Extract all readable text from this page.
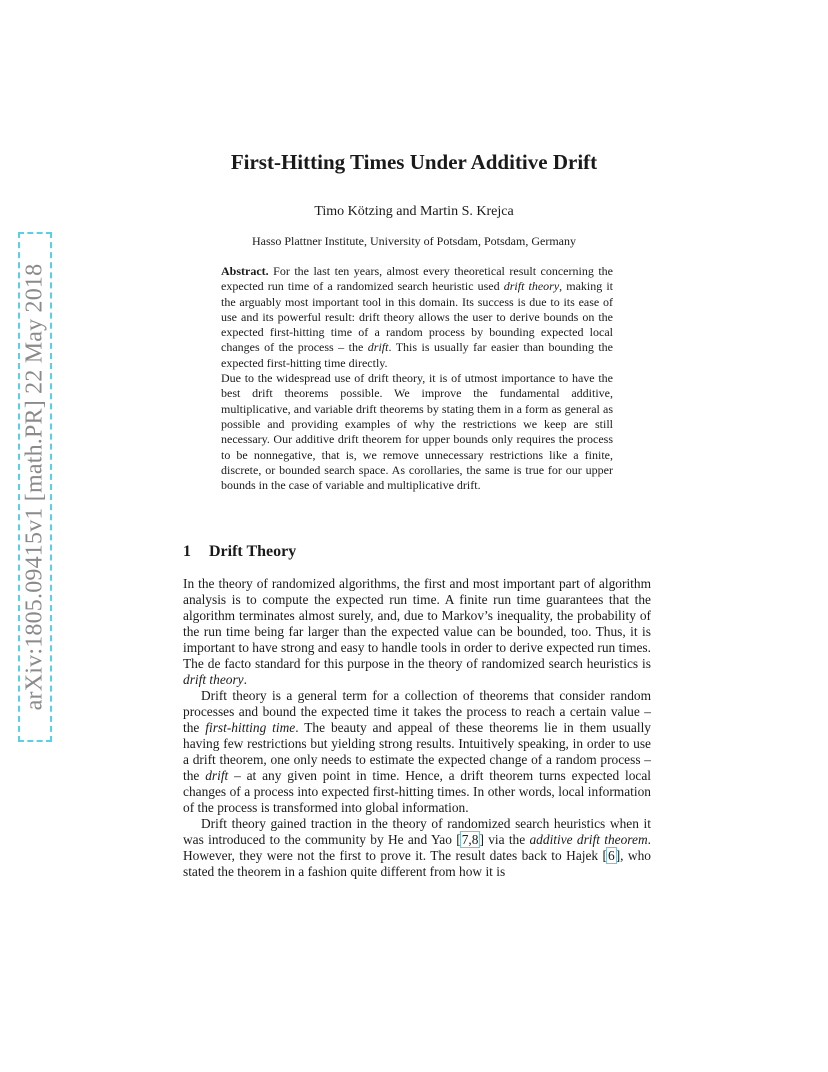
arXiv:1805.09415v1 [math.PR] 22 May 2018
First-Hitting Times Under Additive Drift
Timo Kötzing and Martin S. Krejca
Hasso Plattner Institute, University of Potsdam, Potsdam, Germany

Abstract. For the last ten years, almost every theoretical result concerning the expected run time of a randomized search heuristic used drift theory, making it the arguably most important tool in this domain. Its success is due to its ease of use and its powerful result: drift theory allows the user to derive bounds on the expected first-hitting time of a random process by bounding expected local changes of the process – the drift. This is usually far easier than bounding the expected first-hitting time directly.

Due to the widespread use of drift theory, it is of utmost importance to have the best drift theorems possible. We improve the fundamental additive, multiplicative, and variable drift theorems by stating them in a form as general as possible and providing examples of why the restrictions we keep are still necessary. Our additive drift theorem for upper bounds only requires the process to be nonnegative, that is, we remove unnecessary restrictions like a finite, discrete, or bounded search space. As corollaries, the same is true for our upper bounds in the case of variable and multiplicative drift.

1 Drift Theory

In the theory of randomized algorithms, the first and most important part of algorithm analysis is to compute the expected run time. A finite run time guarantees that the algorithm terminates almost surely, and, due to Markov’s inequality, the probability of the run time being far larger than the expected value can be bounded, too. Thus, it is important to have strong and easy to handle tools in order to derive expected run times. The de facto standard for this purpose in the theory of randomized search heuristics is drift theory.

Drift theory is a general term for a collection of theorems that consider random processes and bound the expected time it takes the process to reach a certain value – the first-hitting time. The beauty and appeal of these theorems lie in them usually having few restrictions but yielding strong results. Intuitively speaking, in order to use a drift theorem, one only needs to estimate the expected change of a random process – the drift – at any given point in time. Hence, a drift theorem turns expected local changes of a process into expected first-hitting times. In other words, local information of the process is transformed into global information.

Drift theory gained traction in the theory of randomized search heuristics when it was introduced to the community by He and Yao [7,8] via the additive drift theorem. However, they were not the first to prove it. The result dates back to Hajek [6], who stated the theorem in a fashion quite different from how it is
